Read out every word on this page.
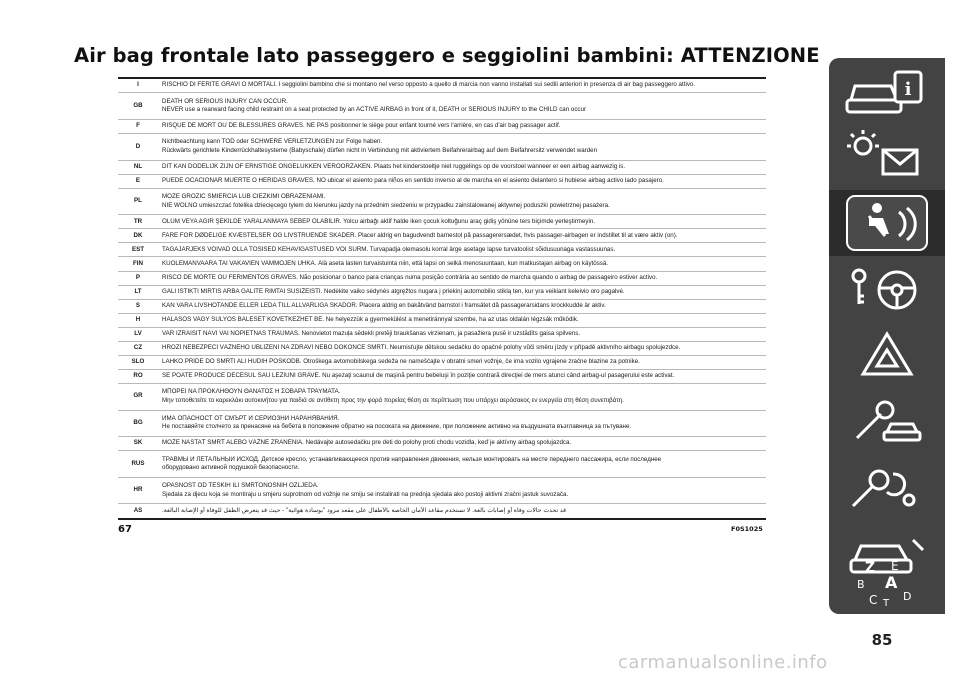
Air bag frontale lato passeggero e seggiolini bambini: ATTENZIONE
I	RISCHIO DI FERITE GRAVI O MORTALI. I seggiolini bambino che si montano nel verso opposto a quello di marcia non vanno installati sui sedili anteriori in presenza di air bag passeggero attivo.

GB	DEATH OR SERIOUS INJURY CAN OCCUR.
NEVER use a rearward facing child restraint on a seat protected by an ACTIVE AIRBAG in front of it, DEATH or SERIOUS INJURY to the CHILD can occur

F	RISQUE DE MORT OU DE BLESSURES GRAVES. NE PAS positionner le siège pour enfant tourné vers l'arrière, en cas d'air bag passager actif.

D	Nichtbeachtung kann TOD oder SCHWERE VERLETZUNGEN zur Folge haben.
Rückwärts gerichtete Kinderrückhaltesysteme (Babyschale) dürfen nicht in Verbindung mit aktiviertem Beifahrerairbag auf dem Beifahrersitz verwendet warden

NL	DIT KAN DODELIJK ZIJN OF ERNSTIGE ONGELUKKEN VEROORZAKEN. Plaats het kinderstoeltje niet ruggelings op de voorstoel wanneer er een airbag aanwezig is.

E	PUEDE OCACIONAR MUERTE O HERIDAS GRAVES. NO ubicar el asiento para niños en sentido inverso al de marcha en el asiento delantero si hubiese airbag activo lado pasajero.

PL	MOŻE GROZIĆ ŚMIERCIA LUB CIEŻKIMI OBRAŻENIAMI.
NIE WOLNO umieszczać fotelika dziecięcego tylem do kierunku jazdy na przednim siedzeniu w przypadku zainstalowanej aktywnej poduszki powietrznej pasażera.

TR	ÖLÜM VEYA AĞIR ŞEKİLDE YARALANMAYA SEBEP OLABİLİR. Yolcu airbağı aktif halde iken çocuk koltuğunu araç gidiş yönüne ters biçimde yerleştirmeyin.

DK	FARE FOR DØDELIGE KVÆSTELSER OG LIVSTRUENDE SKADER. Placer aldrig en bagudvendt barnestol på passagerersædet, hvis passager-airbagen er indstillet til at være aktiv (on).

EST	TAGAJÄRJEKS VÕIVAD OLLA TÕSISED KEHAVIGASTUSED VÕI SURM. Turvapadja olemasolu korral ärge asetage lapse turvatoolist sõidusuunaga vastassuunas.

FIN	KUOLEMANVAARA TAI VAKAVIEN VAMMOJEN UHKA. Älä aseta lasten turvaistuinta niin, että lapsi on selkä menosuuntaan, kun matkustajan airbag on käytössä.

P	RISCO DE MORTE OU FERIMENTOS GRAVES. Não posicionar o banco para crianças numa posição contrária ao sentido de marcha quando o airbag de passageiro estiver activo.

LT	GALI IŠTIKTI MIRTIS ARBA GALITE RIMTAI SUSIŽEISTI. Nedėkite vaiko sėdynės atgręžtos nugara į priekinį automobilio stiklą ten, kur yra veikiant keleivio oro pagalvė.

S	KAN VARA LIVSHOTANDE ELLER LEDA TILL ALLVARLIGA SKADOR. Placera aldrig en bakåtvänd barnstol i framsätet då passagerarsidans krockkudde är aktiv.

H	HALÁSOS VAGY SÚLYOS BALESET KÖVETKEZHET BE. Ne helyezzük a gyermekülést a menetiránnyal szembe, ha az utas oldalán légzsák működik.

LV	VAR IZRAISĪT NĀVI VAI NOPIETNAS TRAUMAS. Nenovietot mazuļa sēdekli pretēji braukšanas virzienam, ja pasažiera pusē ir uzstādīts gaisa spilvens.

CZ	HROZÍ NEBEZPEČÍ VÁŽNÉHO UBLÍŽENÍ NA ZDRAVÍ NEBO DOKONCE SMRTI. Neumisťujte dětskou sedačku do opačné polohy vůči směru jízdy v případě aktivního airbagu spolujezdce.

SLO	LAHKO PRIDE DO SMRTI ALI HUDIH POŠKODB. Otroškega avtomobilskega sedeža ne nameščajte v obratni smeri vožnje, če ima vozilo vgrajene zračne blazine za potnike.

RO	SE POATE PRODUCE DECESUL SAU LEZIUNI GRAVE. Nu aşezaţi scaunul de maşină pentru bebeluşi în poziţie contrară direcţiei de mers atunci când airbag-ul pasagerului este activat.

GR	ΜΠΟΡΕΙ ΝΑ ΠΡΟΚΛΗΘΟΥΝ ΘΑΝΑΤΟΣ Η ΣΟΒΑΡΑ ΤΡΑΥΜΑΤΑ.
Μην τοποθετείτε το καρεκλάκι αυτοκινήτου για παιδιά σε αντίθετη προς την φορά πορείας θέση σε περίπτωση που υπάρχει αερόσακος εν ενεργεία στη θέση συνεπιβάτη.

BG	ИМА ОПАСНОСТ ОТ СМЪРТ И СЕРИОЗНИ НАРАНЯВАНИЯ.
Не поставяйте столчето за пренасяне на бебета в положение обратно на посоката на движение, при положение активно на въздушната възглавница за пътуване.

SK	MÔŽE NASTAŤ SMRŤ ALEBO VÁŽNE ZRANENIA. Nedávajte autosedačku pre deti do polohy proti chodu vozidla, keď je aktívny airbag spolujazdca.

RUS	ТРАВМЫ И ЛЕТАЛЬНЫЙ ИСХОД. Детское кресло, устанавливающееся против направления движения, нельзя монтировать на месте переднего пассажира, если последнее
оборудовано активной подушкой безопасности.

HR	OPASNOST OD TEŠKIH ILI SMRTONOSNIH OZLJEDA.
Sjedala za djecu koja se montiraju u smjeru suprotnom od vožnje ne smiju se instalirati na prednja sjedala ako postoji aktivni zračni jastuk suvozača.

AS	قد تحدث حالات وفاة أو إصابات بالغة. لا تستخدم مقاعد الأمان الخاصة بالأطفال على مقعد مزود "بوسادة هوائية" - حيث قد يتعرض الطفل للوفاة أو الإصابة البالغة.

67	F0S1025

i
Z E
A
B
C D
T

85

carmanualsonline.info
